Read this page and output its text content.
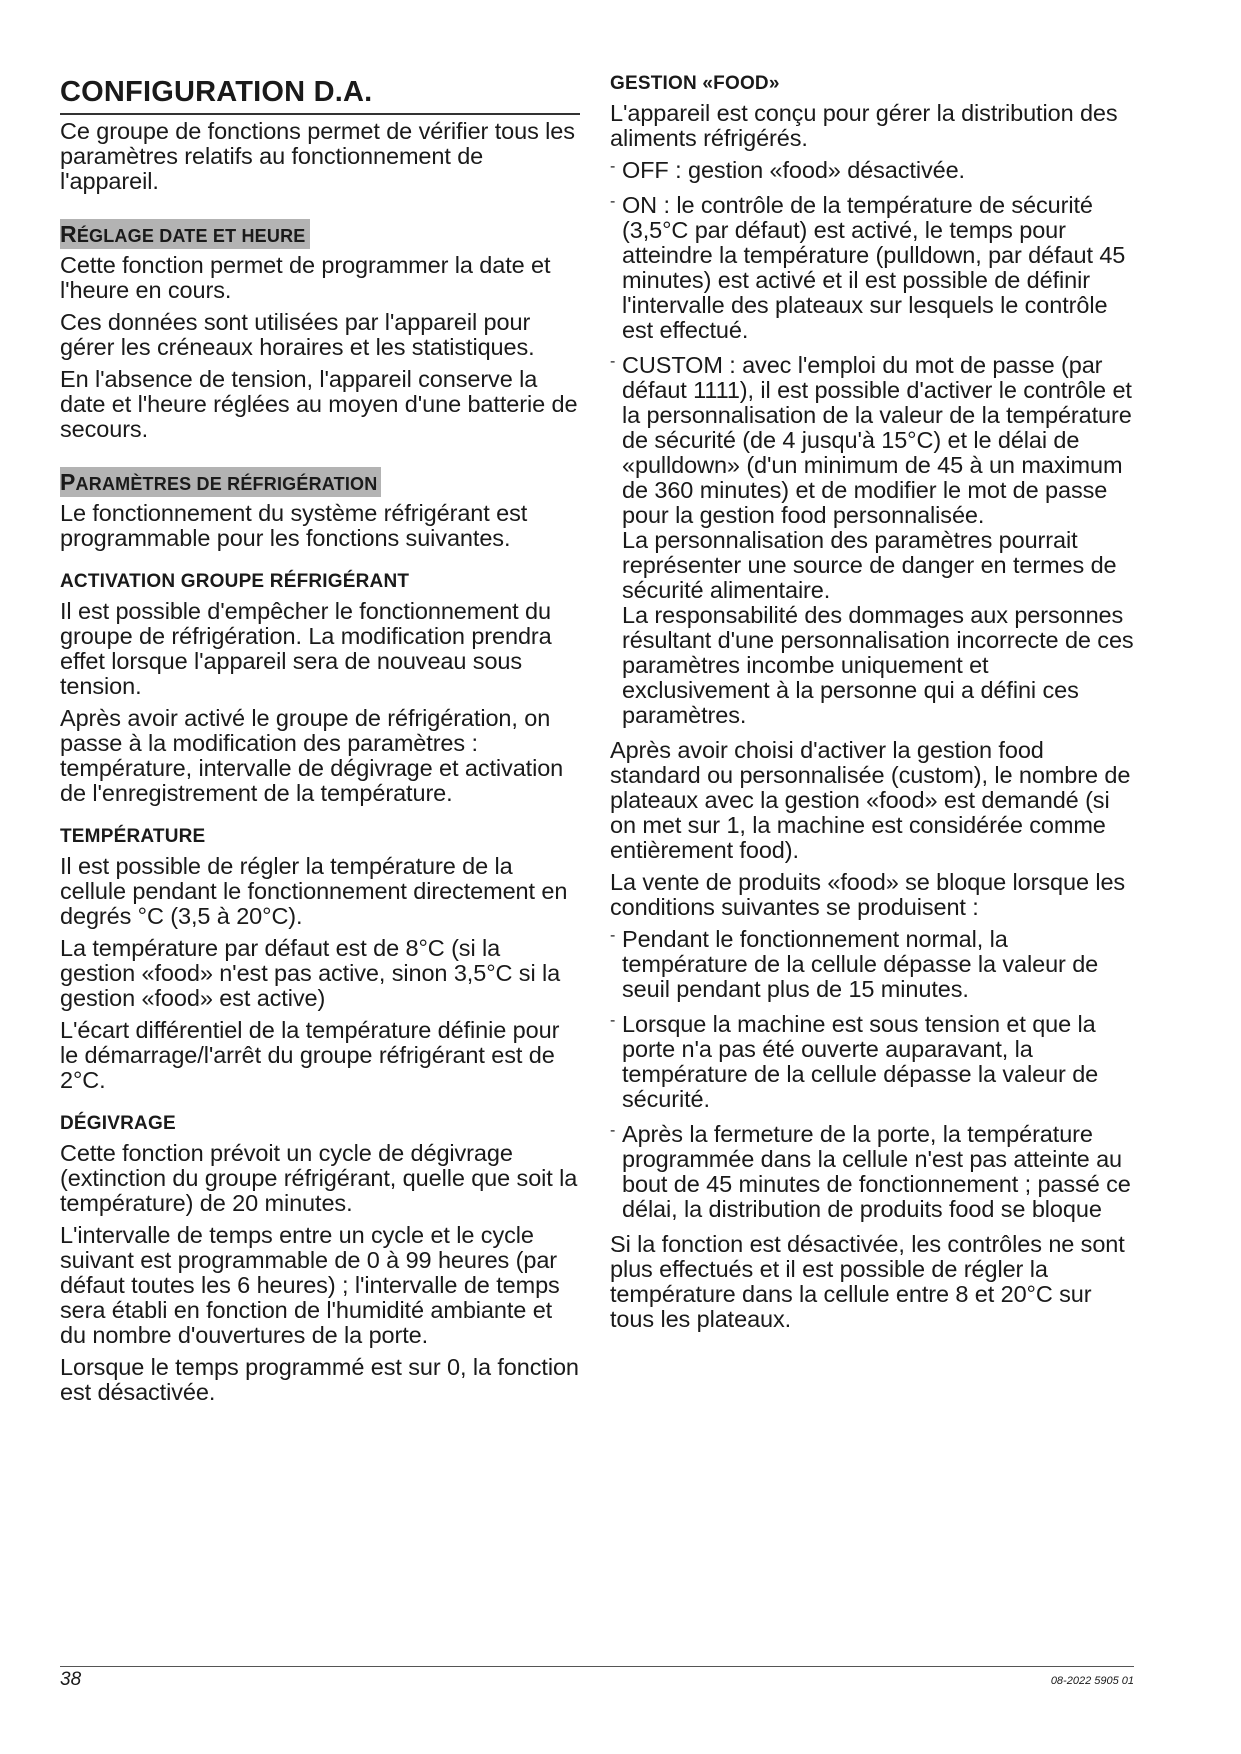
CONFIGURATION D.A.

Ce groupe de fonctions permet de vérifier tous les paramètres relatifs au fonctionnement de l'appareil.

RÉGLAGE DATE ET HEURE

Cette fonction permet de programmer la date et l'heure en cours.

Ces données sont utilisées par l'appareil pour gérer les créneaux horaires et les statistiques.

En l'absence de tension, l'appareil conserve la date et l'heure réglées au moyen d'une batterie de secours.

PARAMÈTRES DE RÉFRIGÉRATION

Le fonctionnement du système réfrigérant est programmable pour les fonctions suivantes.

ACTIVATION GROUPE RÉFRIGÉRANT

Il est possible d'empêcher le fonctionnement du groupe de réfrigération. La modification prendra effet lorsque l'appareil sera de nouveau sous tension.

Après avoir activé le groupe de réfrigération, on passe à la modification des paramètres : température, intervalle de dégivrage et activation de l'enregistrement de la température.

TEMPÉRATURE

Il est possible de régler la température de la cellule pendant le fonctionnement directement en degrés °C (3,5 à 20°C).

La température par défaut est de 8°C (si la gestion «food» n'est pas active, sinon 3,5°C si la gestion «food» est active)

L'écart différentiel de la température définie pour le démarrage/l'arrêt du groupe réfrigérant est de 2°C.

DÉGIVRAGE

Cette fonction prévoit un cycle de dégivrage (extinction du groupe réfrigérant, quelle que soit la température) de 20 minutes.

L'intervalle de temps entre un cycle et le cycle suivant est programmable de 0 à 99 heures (par défaut toutes les 6 heures) ; l'intervalle de temps sera établi en fonction de l'humidité ambiante et du nombre d'ouvertures de la porte.

Lorsque le temps programmé est sur 0, la fonction est désactivée.

GESTION «FOOD»

L'appareil est conçu pour gérer la distribution des aliments réfrigérés.

- OFF : gestion «food» désactivée.

- ON : le contrôle de la température de sécurité (3,5°C par défaut) est activé, le temps pour atteindre la température (pulldown, par défaut 45 minutes) est activé et il est possible de définir l'intervalle des plateaux sur lesquels le contrôle est effectué.

- CUSTOM : avec l'emploi du mot de passe (par défaut 1111), il est possible d'activer le contrôle et la personnalisation de la valeur de la température de sécurité (de 4 jusqu'à 15°C) et le délai de «pulldown» (d'un minimum de 45 à un maximum de 360 minutes) et de modifier le mot de passe pour la gestion food personnalisée.

La personnalisation des paramètres pourrait représenter une source de danger en termes de sécurité alimentaire.

La responsabilité des dommages aux personnes résultant d'une personnalisation incorrecte de ces paramètres incombe uniquement et exclusivement à la personne qui a défini ces paramètres.

Après avoir choisi d'activer la gestion food standard ou personnalisée (custom), le nombre de plateaux avec la gestion «food» est demandé (si on met sur 1, la machine est considérée comme entièrement food).

La vente de produits «food» se bloque lorsque les conditions suivantes se produisent :

- Pendant le fonctionnement normal, la température de la cellule dépasse la valeur de seuil pendant plus de 15 minutes.

- Lorsque la machine est sous tension et que la porte n'a pas été ouverte auparavant, la température de la cellule dépasse la valeur de sécurité.

- Après la fermeture de la porte, la température programmée dans la cellule n'est pas atteinte au bout de 45 minutes de fonctionnement ; passé ce délai, la distribution de produits food se bloque

Si la fonction est désactivée, les contrôles ne sont plus effectués et il est possible de régler la température dans la cellule entre 8 et 20°C sur tous les plateaux.

38	08-2022 5905 01
